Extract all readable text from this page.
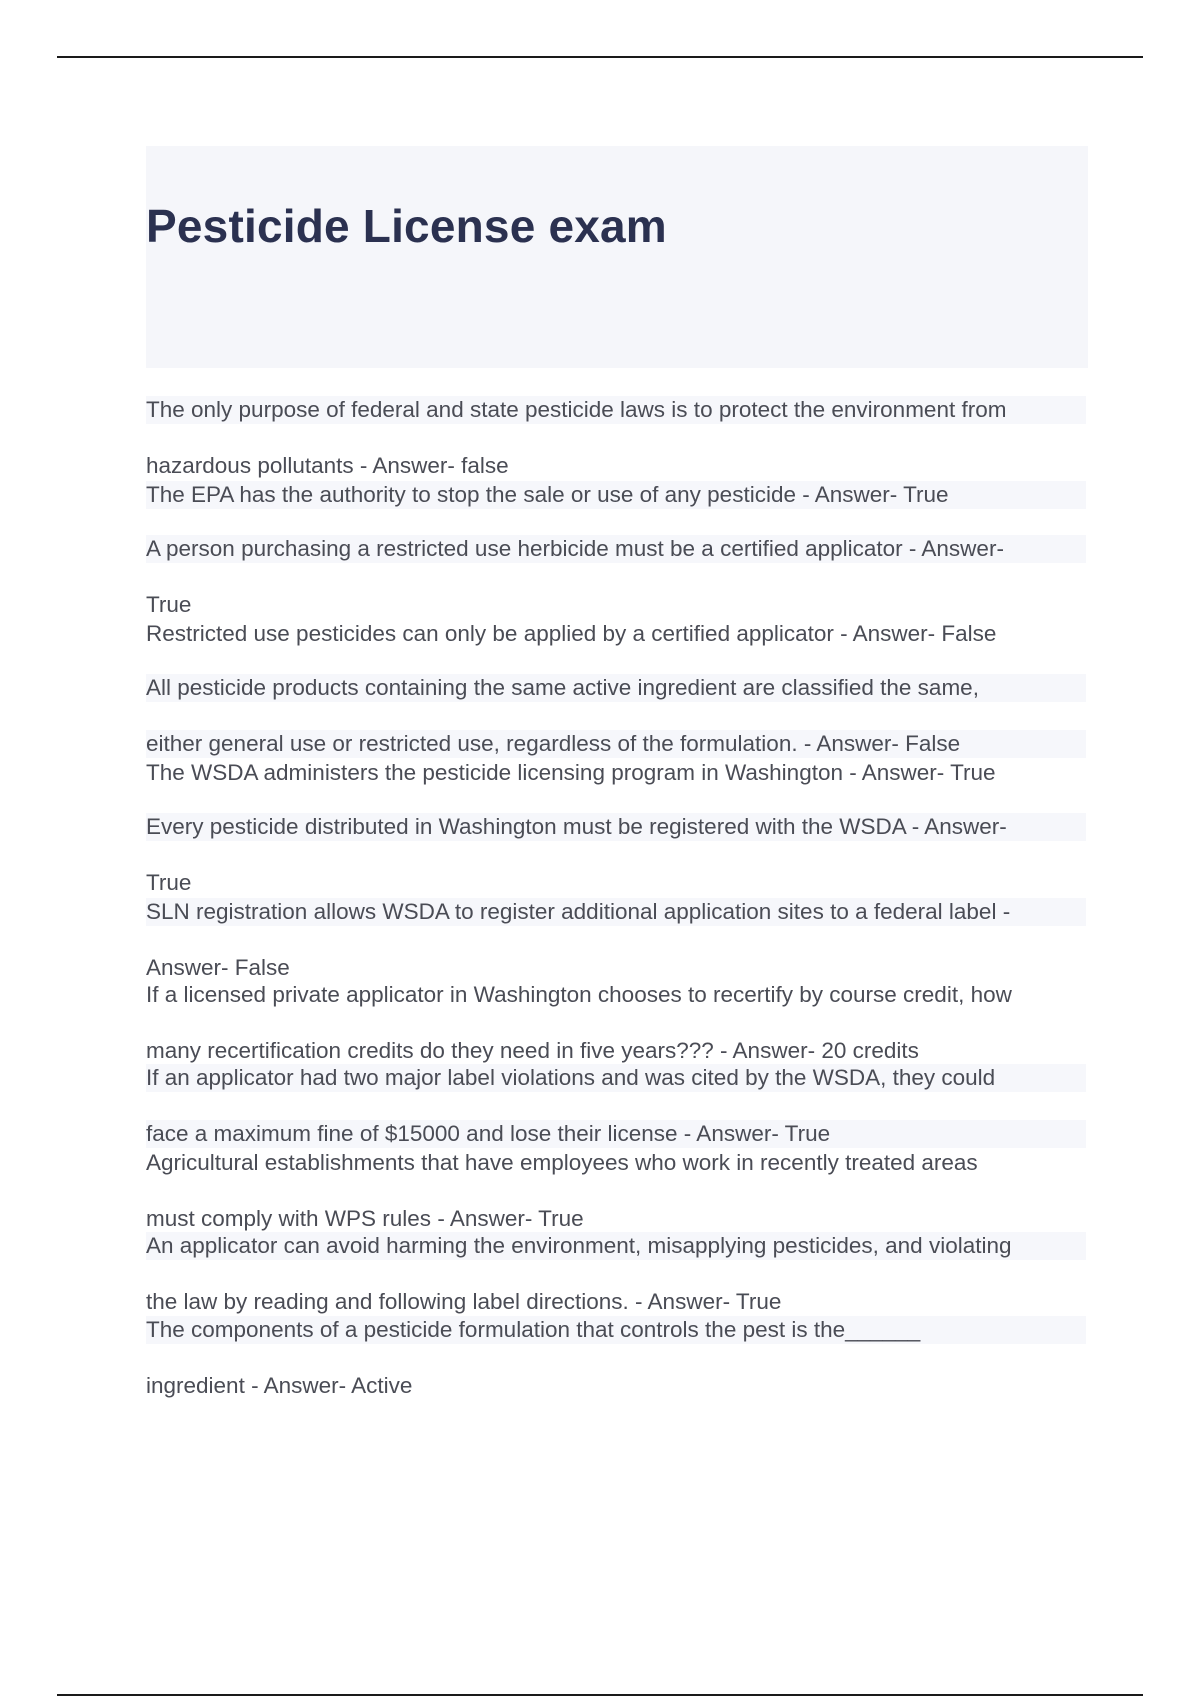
Pesticide License exam

The only purpose of federal and state pesticide laws is to protect the environment from

hazardous pollutants - Answer- false

The EPA has the authority to stop the sale or use of any pesticide - Answer- True

A person purchasing a restricted use herbicide must be a certified applicator - Answer-

True

Restricted use pesticides can only be applied by a certified applicator - Answer- False

All pesticide products containing the same active ingredient are classified the same,

either general use or restricted use, regardless of the formulation. - Answer- False

The WSDA administers the pesticide licensing program in Washington - Answer- True

Every pesticide distributed in Washington must be registered with the WSDA - Answer-

True

SLN registration allows WSDA to register additional application sites to a federal label -

Answer- False

If a licensed private applicator in Washington chooses to recertify by course credit, how

many recertification credits do they need in five years??? - Answer- 20 credits

If an applicator had two major label violations and was cited by the WSDA, they could

face a maximum fine of $15000 and lose their license - Answer- True

Agricultural establishments that have employees who work in recently treated areas

must comply with WPS rules - Answer- True

An applicator can avoid harming the environment, misapplying pesticides, and violating

the law by reading and following label directions. - Answer- True

The components of a pesticide formulation that controls the pest is the______

ingredient - Answer- Active
